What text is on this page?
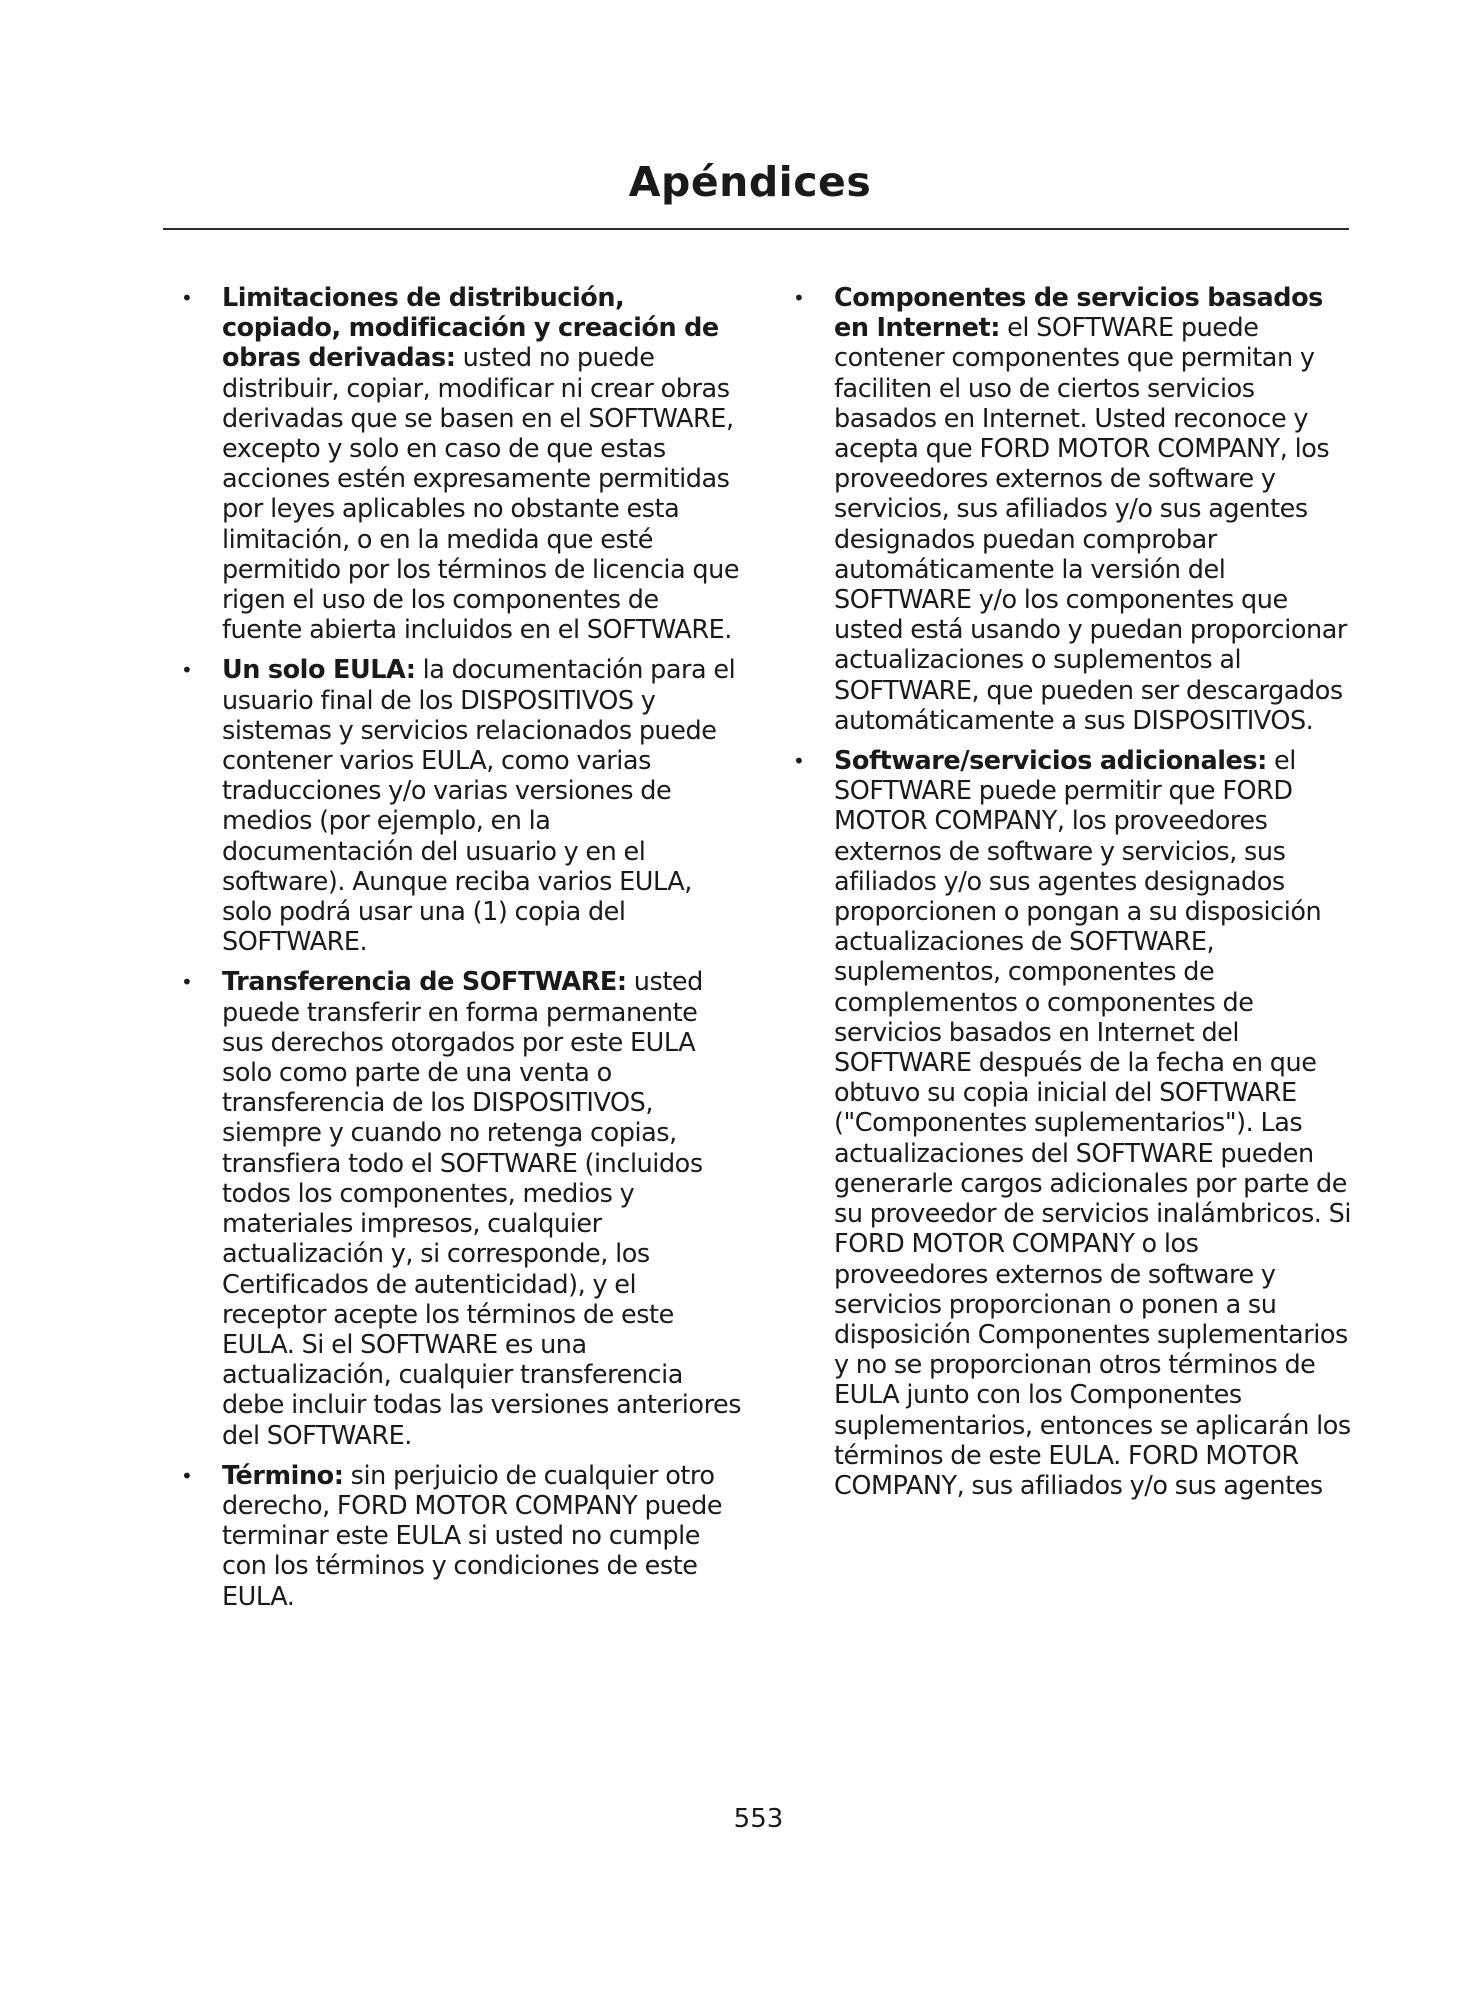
Apéndices
• Limitaciones de distribución, copiado, modificación y creación de obras derivadas: usted no puede distribuir, copiar, modificar ni crear obras derivadas que se basen en el SOFTWARE, excepto y solo en caso de que estas acciones estén expresamente permitidas por leyes aplicables no obstante esta limitación, o en la medida que esté permitido por los términos de licencia que rigen el uso de los componentes de fuente abierta incluidos en el SOFTWARE.
• Un solo EULA: la documentación para el usuario final de los DISPOSITIVOS y sistemas y servicios relacionados puede contener varios EULA, como varias traducciones y/o varias versiones de medios (por ejemplo, en la documentación del usuario y en el software). Aunque reciba varios EULA, solo podrá usar una (1) copia del SOFTWARE.
• Transferencia de SOFTWARE: usted puede transferir en forma permanente sus derechos otorgados por este EULA solo como parte de una venta o transferencia de los DISPOSITIVOS, siempre y cuando no retenga copias, transfiera todo el SOFTWARE (incluidos todos los componentes, medios y materiales impresos, cualquier actualización y, si corresponde, los Certificados de autenticidad), y el receptor acepte los términos de este EULA. Si el SOFTWARE es una actualización, cualquier transferencia debe incluir todas las versiones anteriores del SOFTWARE.
• Término: sin perjuicio de cualquier otro derecho, FORD MOTOR COMPANY puede terminar este EULA si usted no cumple con los términos y condiciones de este EULA.
• Componentes de servicios basados en Internet: el SOFTWARE puede contener componentes que permitan y faciliten el uso de ciertos servicios basados en Internet. Usted reconoce y acepta que FORD MOTOR COMPANY, los proveedores externos de software y servicios, sus afiliados y/o sus agentes designados puedan comprobar automáticamente la versión del SOFTWARE y/o los componentes que usted está usando y puedan proporcionar actualizaciones o suplementos al SOFTWARE, que pueden ser descargados automáticamente a sus DISPOSITIVOS.
• Software/servicios adicionales: el SOFTWARE puede permitir que FORD MOTOR COMPANY, los proveedores externos de software y servicios, sus afiliados y/o sus agentes designados proporcionen o pongan a su disposición actualizaciones de SOFTWARE, suplementos, componentes de complementos o componentes de servicios basados en Internet del SOFTWARE después de la fecha en que obtuvo su copia inicial del SOFTWARE ("Componentes suplementarios"). Las actualizaciones del SOFTWARE pueden generarle cargos adicionales por parte de su proveedor de servicios inalámbricos. Si FORD MOTOR COMPANY o los proveedores externos de software y servicios proporcionan o ponen a su disposición Componentes suplementarios y no se proporcionan otros términos de EULA junto con los Componentes suplementarios, entonces se aplicarán los términos de este EULA. FORD MOTOR COMPANY, sus afiliados y/o sus agentes

553
